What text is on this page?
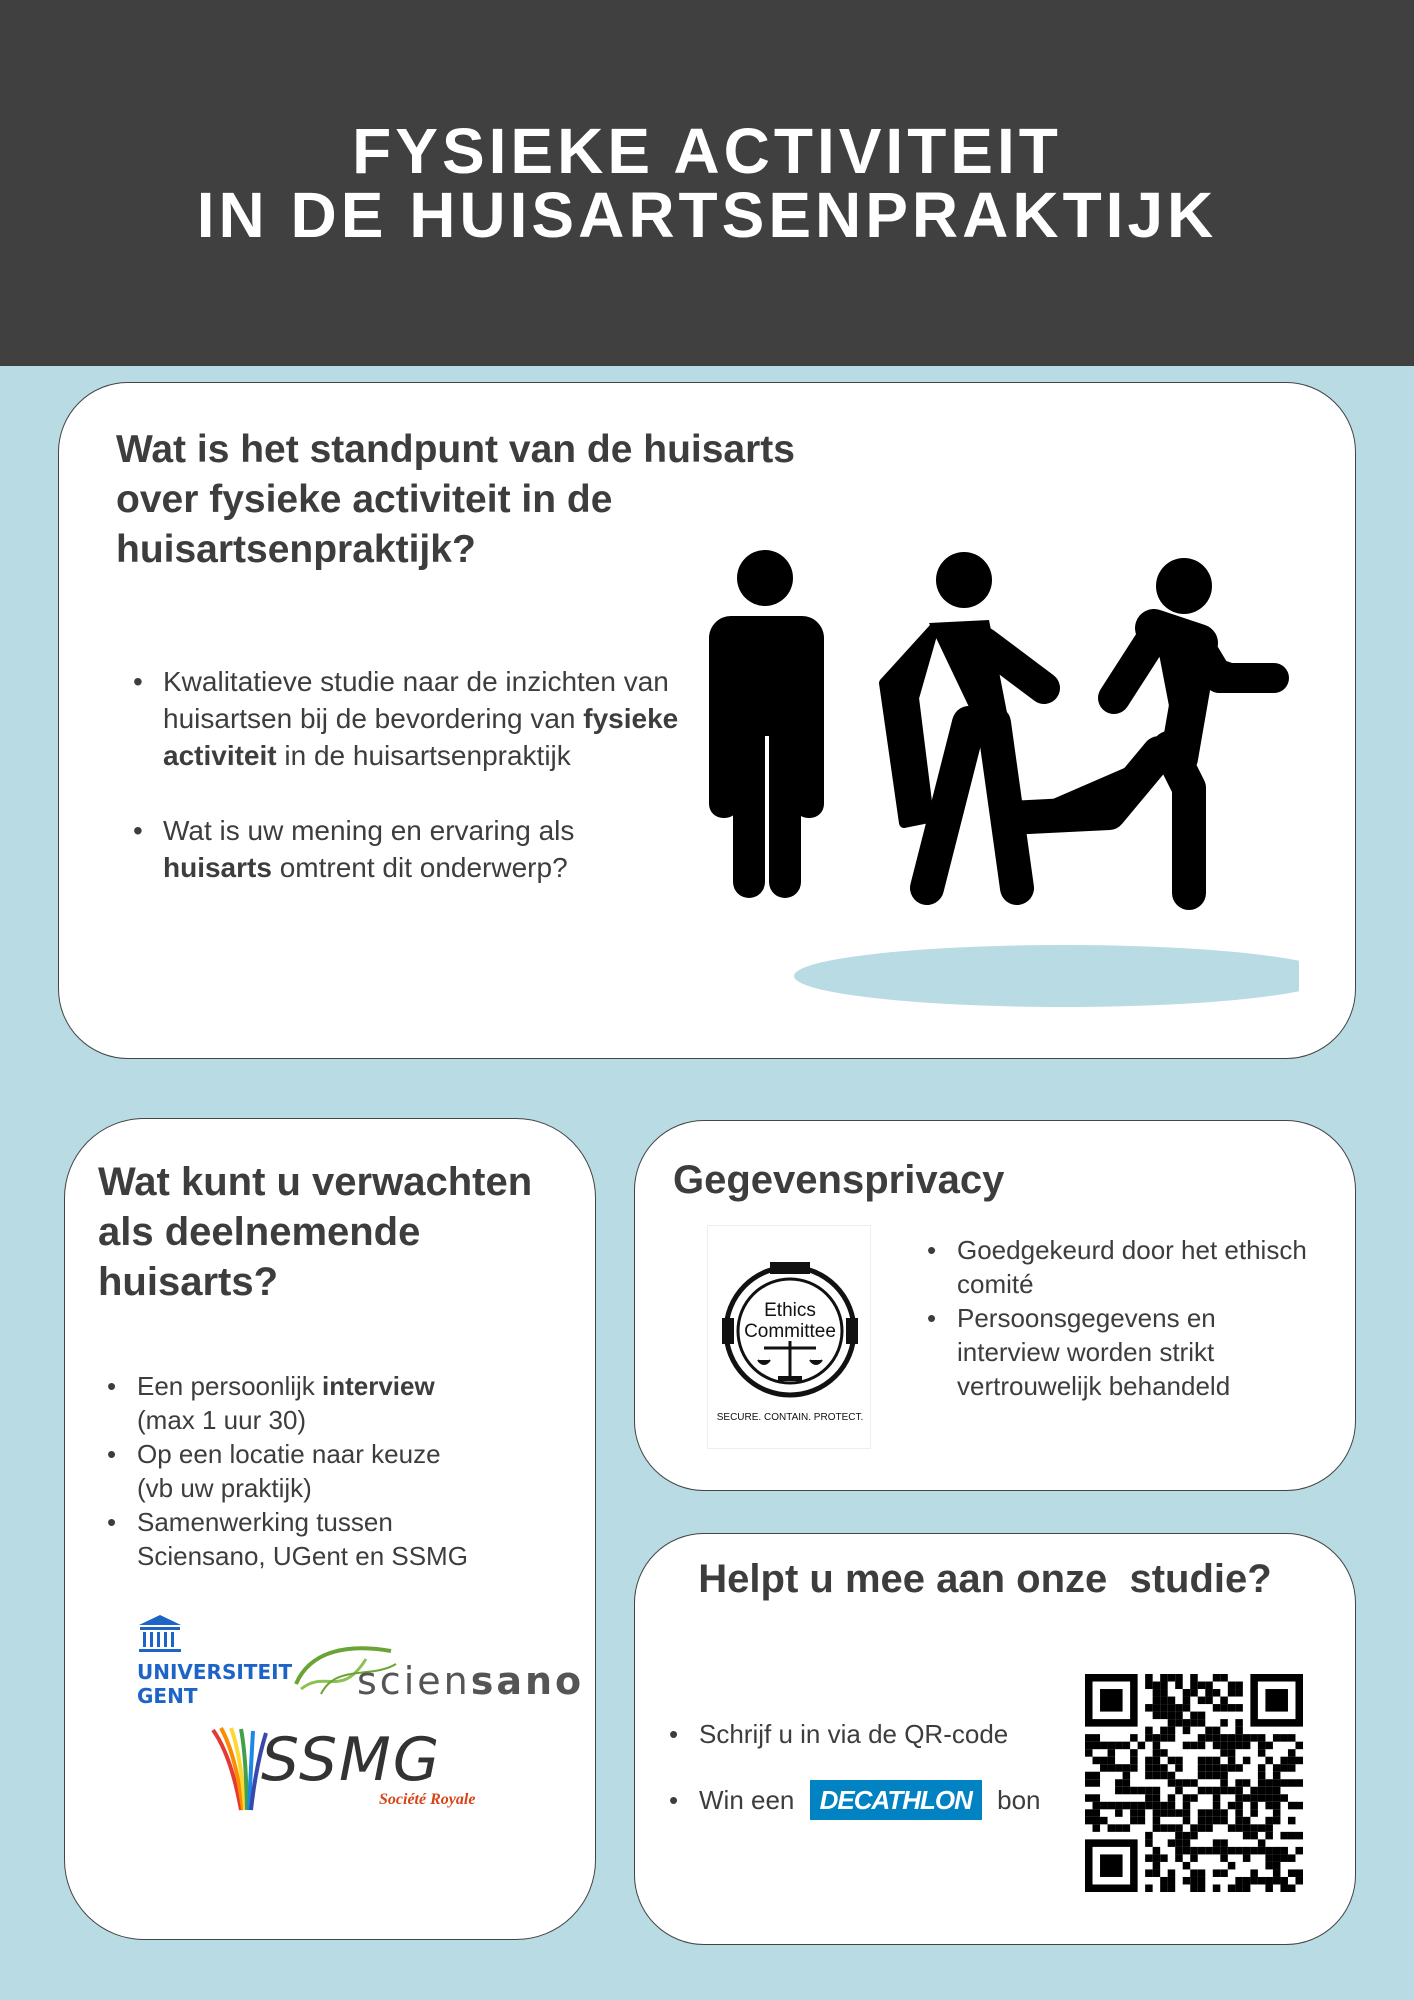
FYSIEKE ACTIVITEIT
IN DE HUISARTSENPRAKTIJK
Wat is het standpunt van de huisarts
over fysieke activiteit in de
huisartsenpraktijk?
• Kwalitatieve studie naar de inzichten van huisartsen bij de bevordering van fysieke activiteit in de huisartsenpraktijk
• Wat is uw mening en ervaring als huisarts omtrent dit onderwerp?
Wat kunt u verwachten
als deelnemende
huisarts?
• Een persoonlijk interview
(max 1 uur 30)
• Op een locatie naar keuze
(vb uw praktijk)
• Samenwerking tussen
Sciensano, UGent en SSMG
UNIVERSITEIT
GENT	sciensano
SSMG
Société Royale
Gegevensprivacy
Ethics
Committee
SECURE. CONTAIN. PROTECT.
• Goedgekeurd door het ethisch comité
• Persoonsgegevens en interview worden strikt vertrouwelijk behandeld
Helpt u mee aan onze  studie?
• Schrijf u in via de QR-code
• Win een DECATHLON bon
